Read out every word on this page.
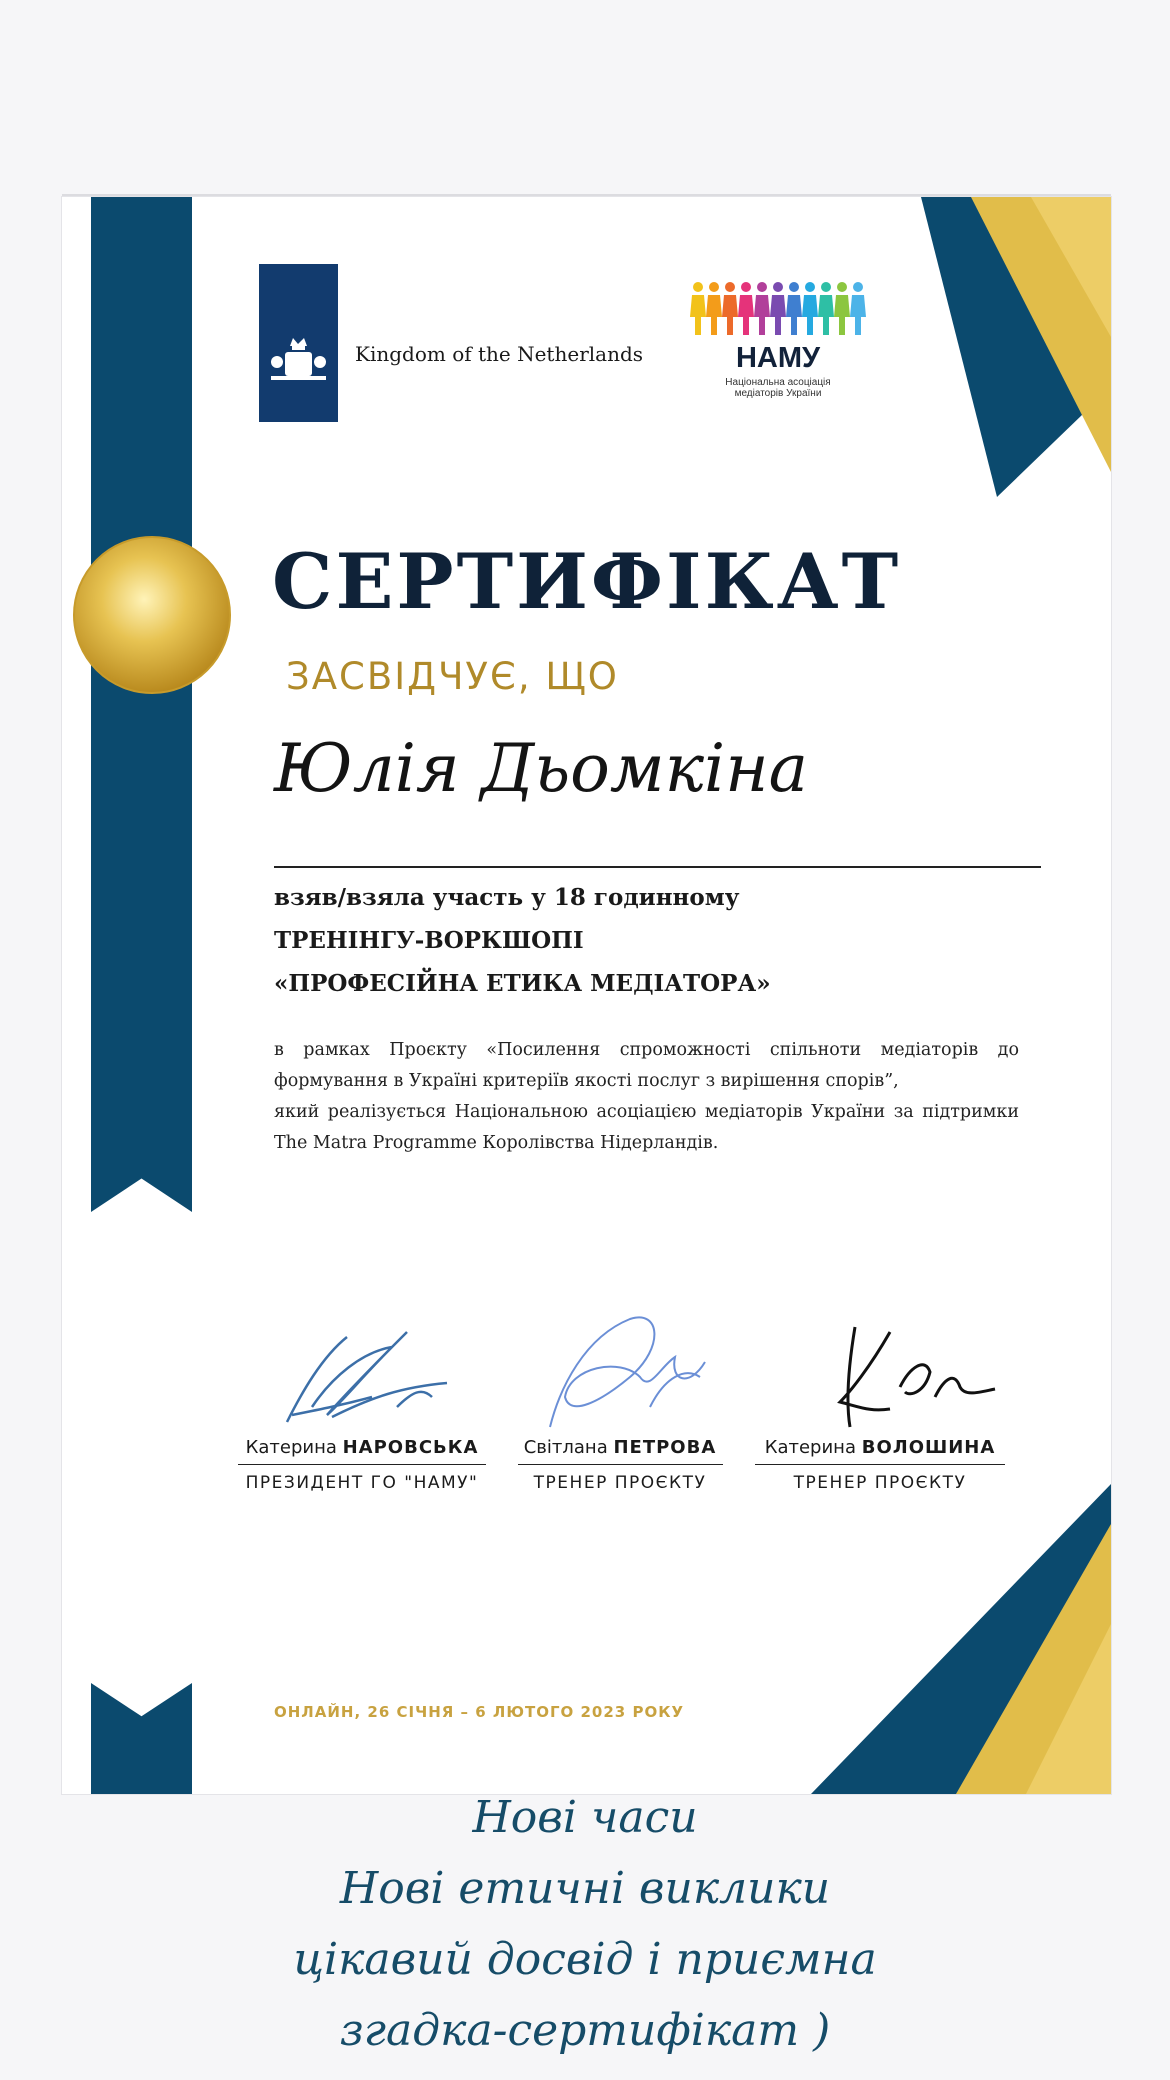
Kingdom of the Netherlands	НАМУ
Національна асоціація
медіаторів України
СЕРТИФІКАТ
ЗАСВІДЧУЄ, ЩО
Юлія Дьомкіна
взяв/взяла участь у 18 годинному
ТРЕНІНГУ-ВОРКШОПІ
«ПРОФЕСІЙНА ЕТИКА МЕДІАТОРА»
в рамках Проєкту «Посилення спроможності спільноти медіаторів до формування в Україні критеріїв якості послуг з вирішення спорів”,
який реалізується Національною асоціацією медіаторів України за підтримки The Matra Programme Королівства Нідерландів.
Катерина НАРОВСЬКА
ПРЕЗИДЕНТ ГО "НАМУ"
Світлана ПЕТРОВА
ТРЕНЕР ПРОЄКТУ
Катерина ВОЛОШИНА
ТРЕНЕР ПРОЄКТУ
ОНЛАЙН, 26 СІЧНЯ – 6 ЛЮТОГО 2023 РОКУ
Нові часи
Нові етичні виклики
цікавий досвід і приємна
згадка-сертифікат )
